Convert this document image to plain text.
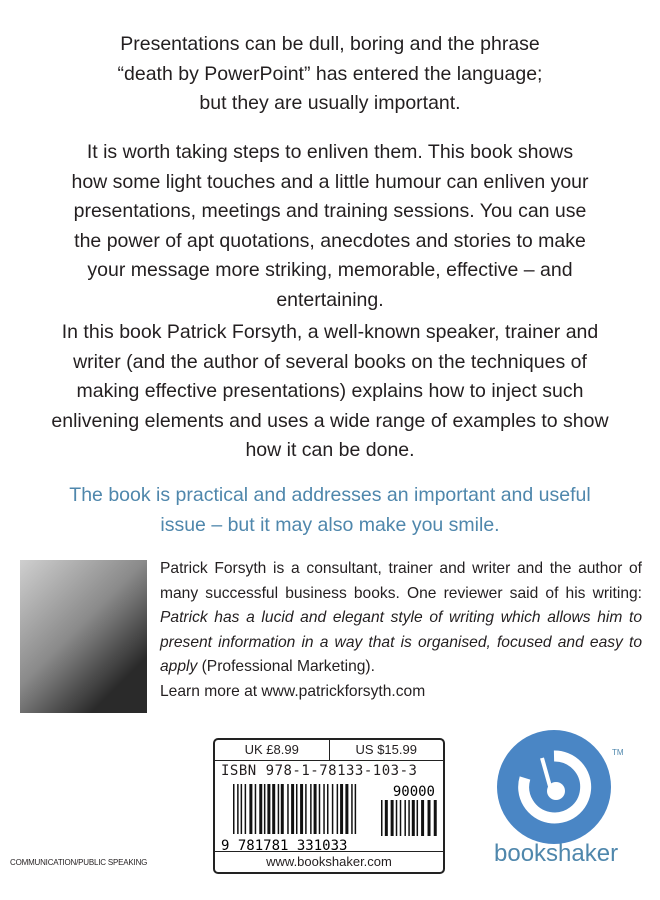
Presentations can be dull, boring and the phrase “death by PowerPoint” has entered the language; but they are usually important.

It is worth taking steps to enliven them. This book shows how some light touches and a little humour can enliven your presentations, meetings and training sessions. You can use the power of apt quotations, anecdotes and stories to make your message more striking, memorable, effective – and entertaining.

In this book Patrick Forsyth, a well-known speaker, trainer and writer (and the author of several books on the techniques of making effective presentations) explains how to inject such enlivening elements and uses a wide range of examples to show how it can be done.

The book is practical and addresses an important and useful issue – but it may also make you smile.

Patrick Forsyth is a consultant, trainer and writer and the author of many successful business books. One reviewer said of his writing: Patrick has a lucid and elegant style of writing which allows him to present information in a way that is organised, focused and easy to apply (Professional Marketing).
Learn more at www.patrickforsyth.com

UK £8.99	US $15.99
ISBN 978-1-78133-103-3
9 781781 331033
90000
www.bookshaker.com
TM
bookshaker
COMMUNICATION/PUBLIC SPEAKING
